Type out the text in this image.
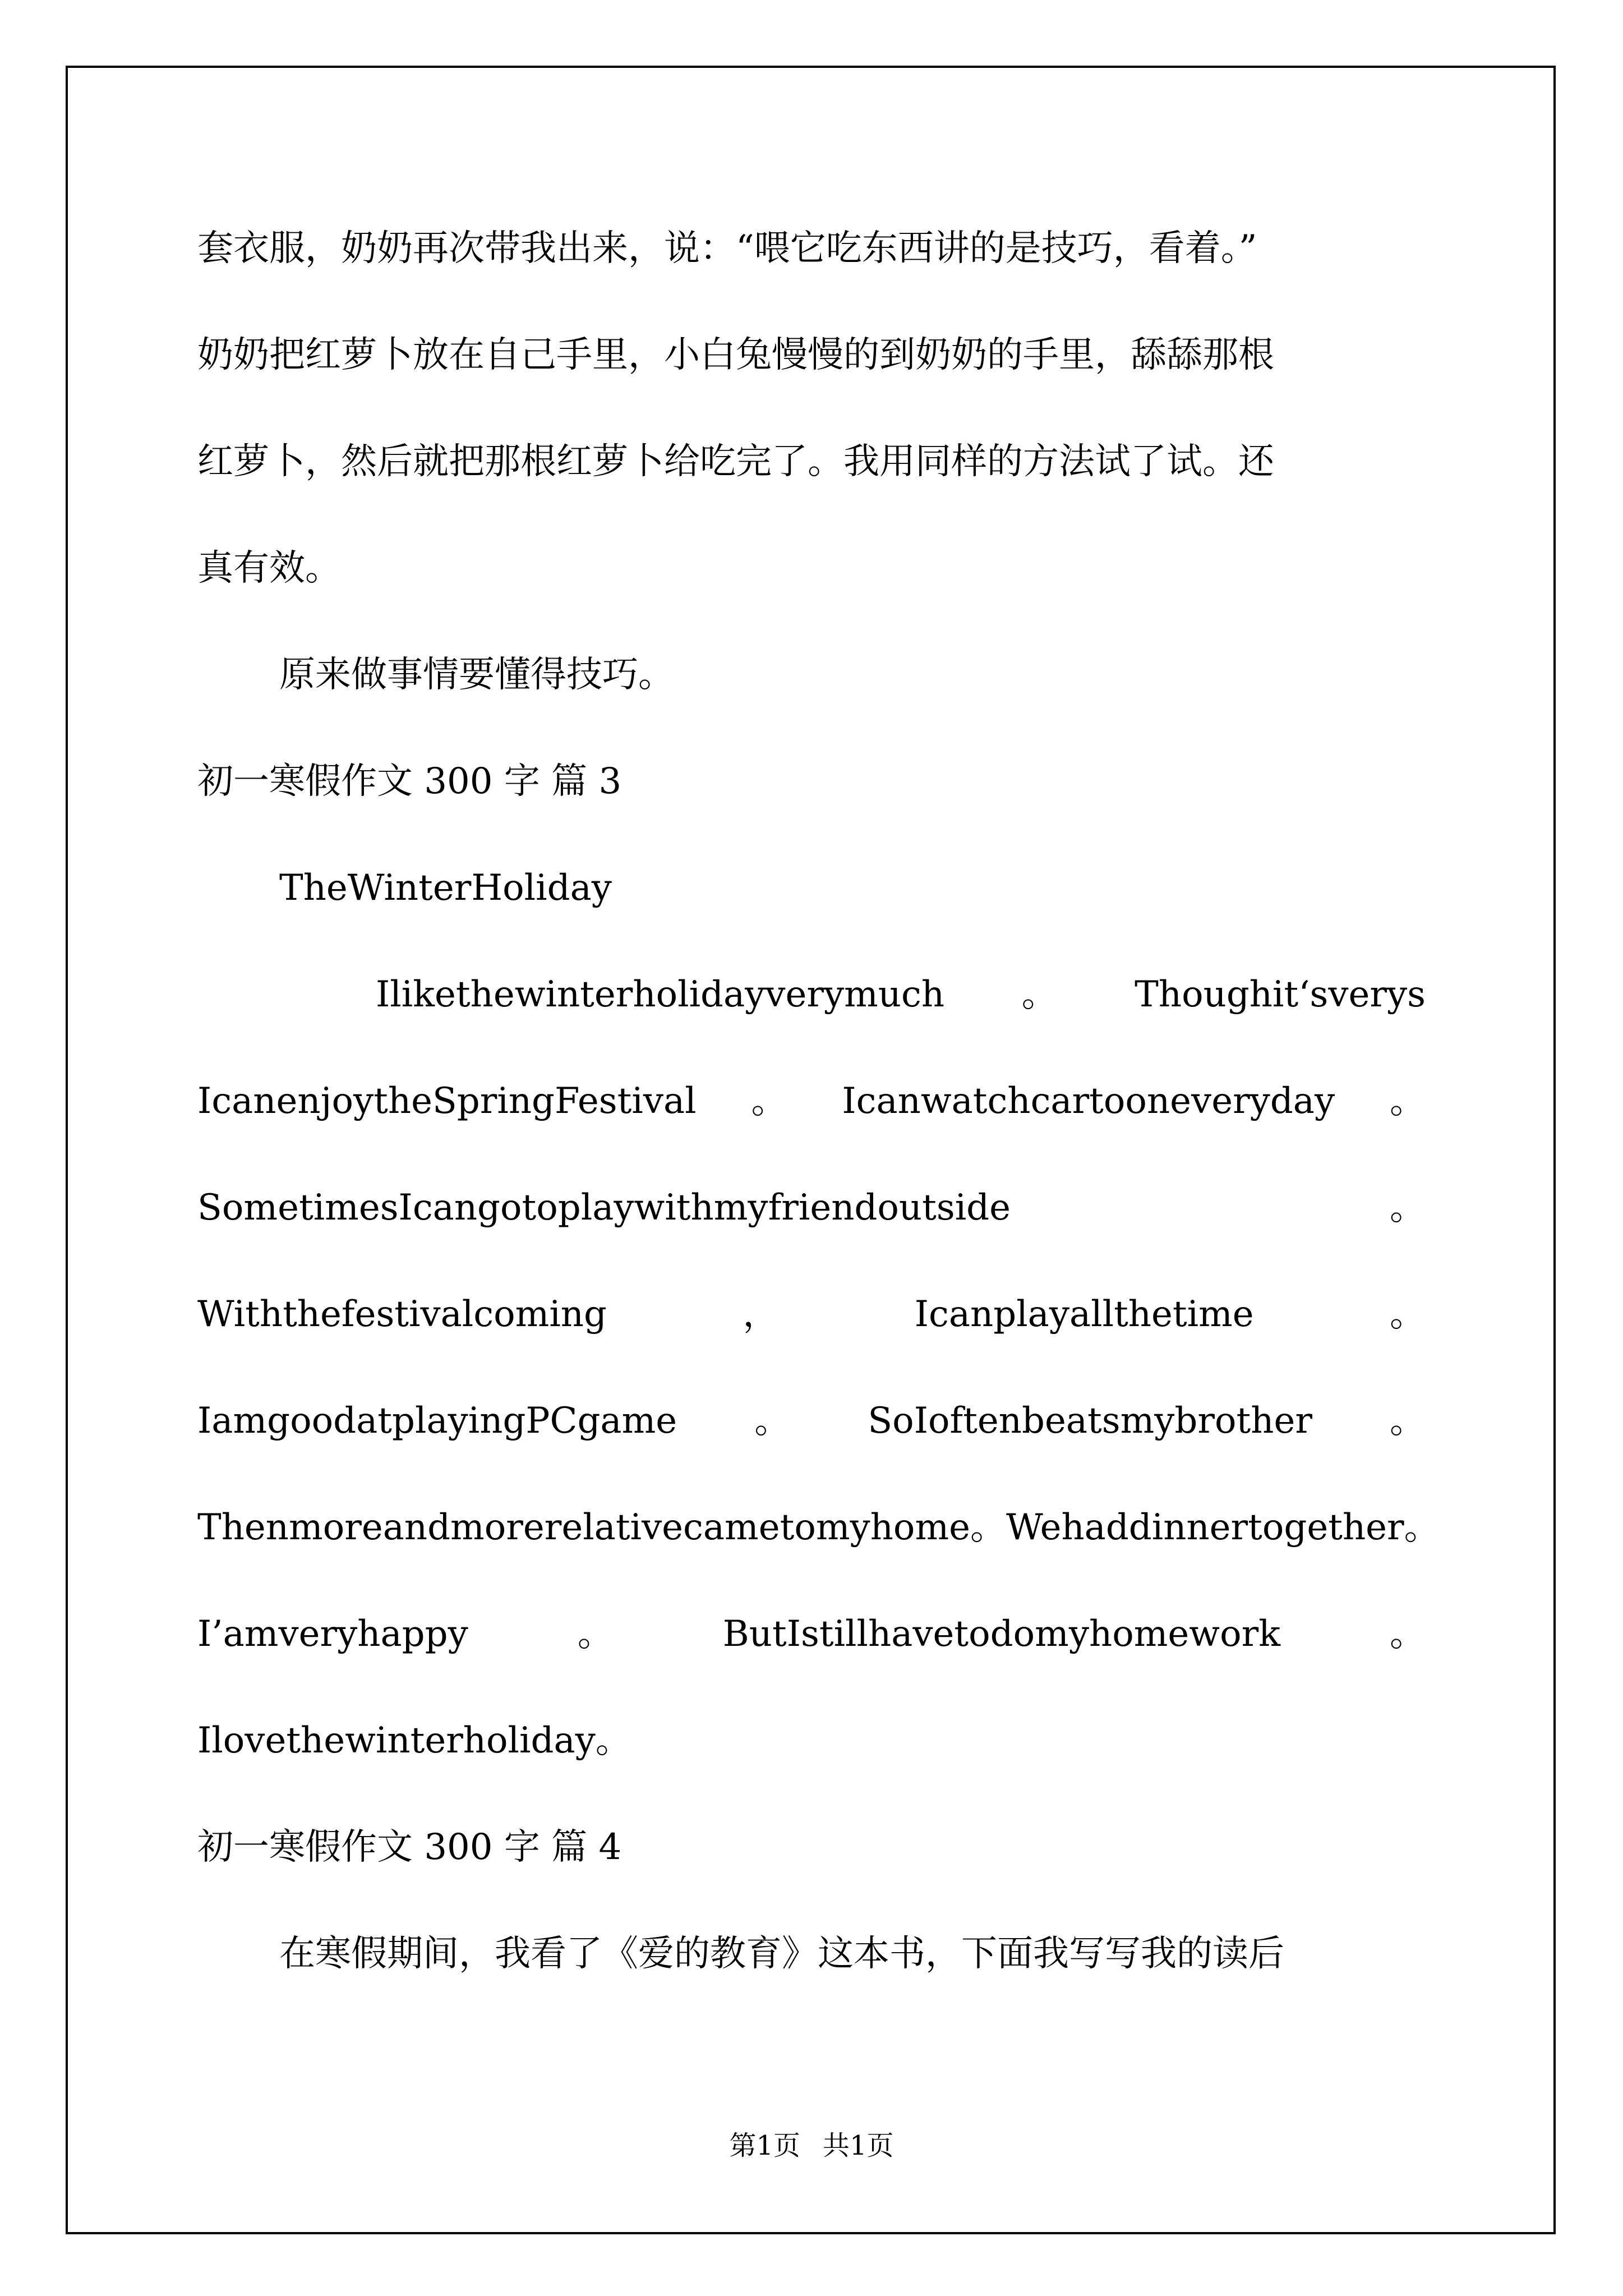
套衣服，奶奶再次带我出来，说：“喂它吃东西讲的是技巧，看着。”
奶奶把红萝卜放在自己手里，小白兔慢慢的到奶奶的手里，舔舔那根
红萝卜，然后就把那根红萝卜给吃完了。我用同样的方法试了试。还
真有效。
原来做事情要懂得技巧。
初一寒假作文 300 字 篇 3
TheWinterHoliday
Ilikethewinterholidayverymuch 。 Thoughit‘sverys
IcanenjoytheSpringFestival 。 Icanwatchcartooneveryday 。
SometimesIcangotoplaywithmyfriendoutside	。
Withthefestivalcoming	，	Icanplayallthetime	。
IamgoodatplayingPCgame 。 SoIoftenbeatsmybrother 。
Thenmoreandmorerelativecametomyhome 。 Wehaddinnertogether 。
I’amveryhappy	。	ButIstillhavetodomyhomework	。
Ilovethewinterholiday。
初一寒假作文 300 字 篇 4
在寒假期间，我看了《爱的教育》这本书，下面我写写我的读后
第1页 共1页
